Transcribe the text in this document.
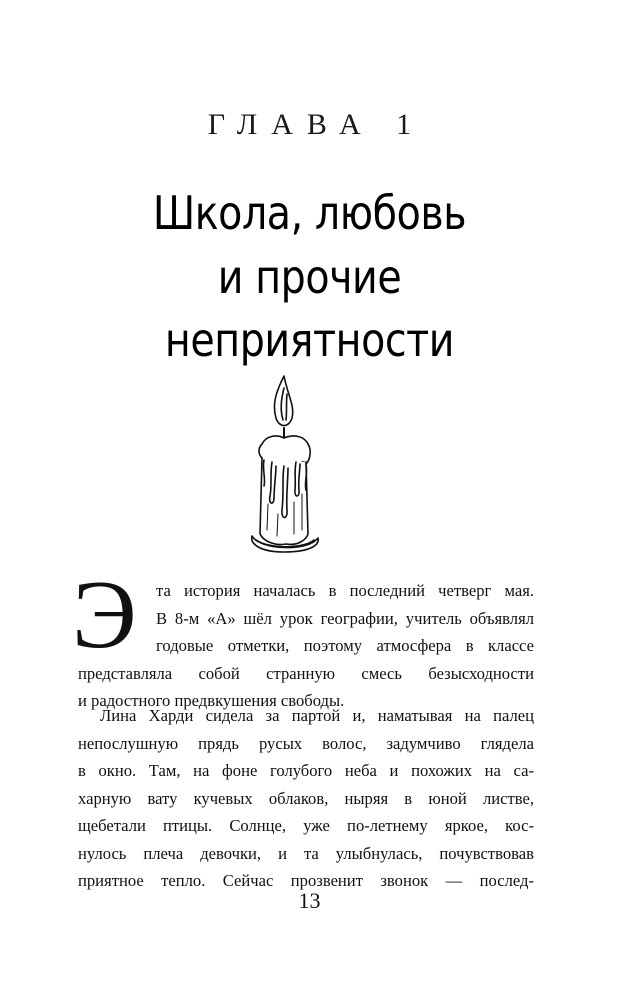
ГЛАВА 1
Школа, любовь
и прочие
неприятности
Э	та история началась в последний четверг мая.
В 8-м «А» шёл урок географии, учитель объявлял
годовые отметки, поэтому атмосфера в классе
представляла собой странную смесь безысходности
и радостного предвкушения свободы.
Лина Харди сидела за партой и, наматывая на палец
непослушную прядь русых волос, задумчиво глядела
в окно. Там, на фоне голубого неба и похожих на са-
харную вату кучевых облаков, ныряя в юной листве,
щебетали птицы. Солнце, уже по-летнему яркое, кос-
нулось плеча девочки, и та улыбнулась, почувствовав
приятное тепло. Сейчас прозвенит звонок — послед-
13
